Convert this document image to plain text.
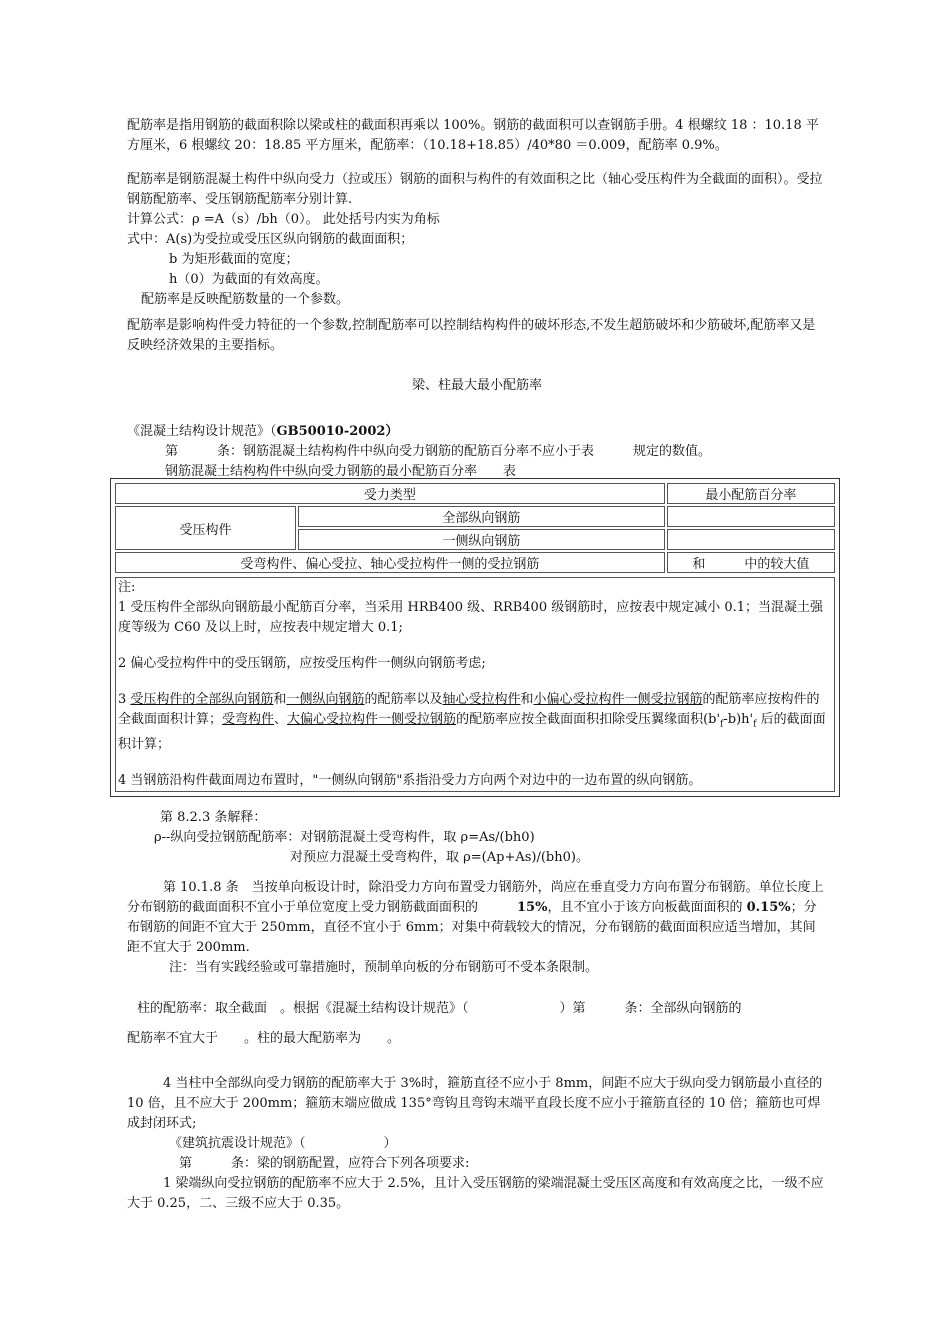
配筋率是指用钢筋的截面积除以梁或柱的截面积再乘以 100%。钢筋的截面积可以查钢筋手册。4 根螺纹 18 ：10.18 平方厘米，6 根螺纹 20：18.85 平方厘米，配筋率：（10.18+18.85）/40*80 ＝0.009，配筋率 0.9%。

配筋率是钢筋混凝土构件中纵向受力（拉或压）钢筋的面积与构件的有效面积之比（轴心受压构件为全截面的面积）。受拉钢筋配筋率、受压钢筋配筋率分别计算.

计算公式：ρ =A（s）/bh（0）。 此处括号内实为角标

式中：A(s)为受拉或受压区纵向钢筋的截面面积；

b 为矩形截面的宽度；

h（0）为截面的有效高度。

配筋率是反映配筋数量的一个参数。

配筋率是影响构件受力特征的一个参数,控制配筋率可以控制结构构件的破坏形态,不发生超筋破坏和少筋破坏,配筋率又是反映经济效果的主要指标。

梁、柱最大最小配筋率

《混凝土结构设计规范》（GB50010-2002）

第　　　条：钢筋混凝土结构构件中纵向受力钢筋的配筋百分率不应小于表　　　规定的数值。

钢筋混凝土结构构件中纵向受力钢筋的最小配筋百分率　　表

受力类型		最小配筋百分率
受压构件	全部纵向钢筋	
	一侧纵向钢筋	
受弯构件、偏心受拉、轴心受拉构件一侧的受拉钢筋		和　　　中的较大值

注:

1 受压构件全部纵向钢筋最小配筋百分率，当采用 HRB400 级、RRB400 级钢筋时，应按表中规定减小 0.1；当混凝土强度等级为 C60 及以上时，应按表中规定增大 0.1;

2 偏心受拉构件中的受压钢筋，应按受压构件一侧纵向钢筋考虑;

3 受压构件的全部纵向钢筋和一侧纵向钢筋的配筋率以及轴心受拉构件和小偏心受拉构件一侧受拉钢筋的配筋率应按构件的全截面面积计算；受弯构件、大偏心受拉构件一侧受拉钢筋的配筋率应按全截面面积扣除受压翼缘面积$(b'_f-b)h'_f$ 后的截面面积计算；

4 当钢筋沿构件截面周边布置时，"一侧纵向钢筋"系指沿受力方向两个对边中的一边布置的纵向钢筋。

第 8.2.3 条解释：

ρ--纵向受拉钢筋配筋率：对钢筋混凝土受弯构件，取 ρ=As/(bh0)

对预应力混凝土受弯构件，取 ρ=(Ap+As)/(bh0)。

第 10.1.8 条　当按单向板设计时，除沿受力方向布置受力钢筋外，尚应在垂直受力方向布置分布钢筋。单位长度上分布钢筋的截面面积不宜小于单位宽度上受力钢筋截面面积的　　　15%，且不宜小于该方向板截面面积的 0.15%；分布钢筋的间距不宜大于 250mm，直径不宜小于 6mm；对集中荷载较大的情况，分布钢筋的截面面积应适当增加，其间距不宜大于 200mm.

注：当有实践经验或可靠措施时，预制单向板的分布钢筋可不受本条限制。

柱的配筋率：取全截面　。根据《混凝土结构设计规范》（　　　　　　　）第　　　条：全部纵向钢筋的

配筋率不宜大于　　。柱的最大配筋率为　　。

4 当柱中全部纵向受力钢筋的配筋率大于 3%时，箍筋直径不应小于 8mm，间距不应大于纵向受力钢筋最小直径的 10 倍，且不应大于 200mm；箍筋末端应做成 135°弯钩且弯钩末端平直段长度不应小于箍筋直径的 10 倍；箍筋也可焊成封闭环式;

《建筑抗震设计规范》（　　　　　　）

第　　　条：梁的钢筋配置，应符合下列各项要求:

1 梁端纵向受拉钢筋的配筋率不应大于 2.5%，且计入受压钢筋的梁端混凝土受压区高度和有效高度之比，一级不应大于 0.25，二、三级不应大于 0.35。
